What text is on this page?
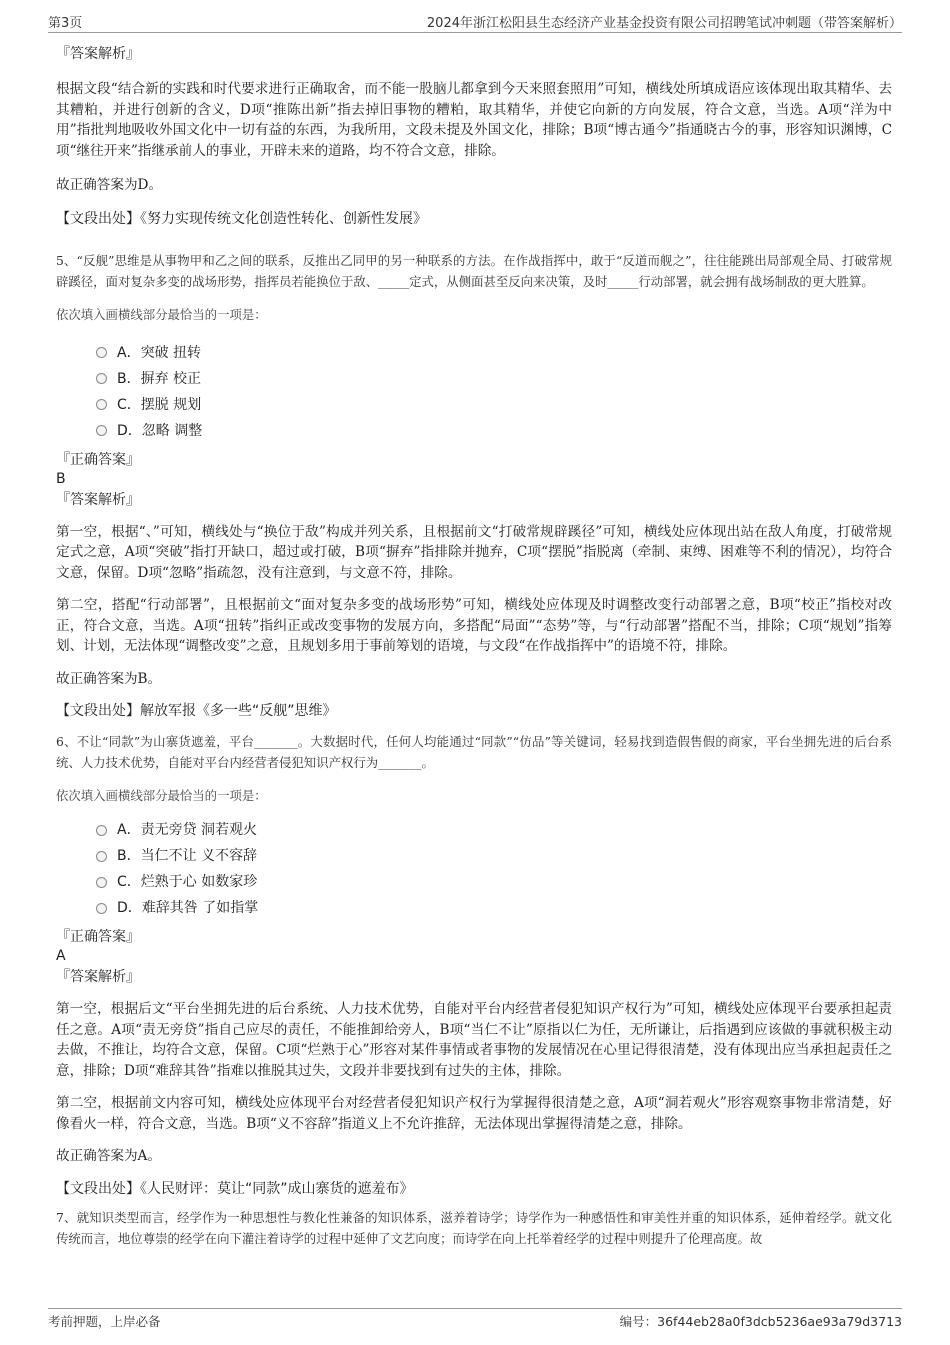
第3页	2024年浙江松阳县生态经济产业基金投资有限公司招聘笔试冲刺题（带答案解析）

『答案解析』

根据文段“结合新的实践和时代要求进行正确取舍，而不能一股脑儿都拿到今天来照套照用”可知，横线处所填成语应该体现出取其精华、去其糟粕，并进行创新的含义，D项“推陈出新”指去掉旧事物的糟粕，取其精华，并使它向新的方向发展，符合文意，当选。A项“洋为中用”指批判地吸收外国文化中一切有益的东西，为我所用，文段未提及外国文化，排除；B项“博古通今”指通晓古今的事，形容知识渊博，C项“继往开来”指继承前人的事业，开辟未来的道路，均不符合文意，排除。

故正确答案为D。

【文段出处】《努力实现传统文化创造性转化、创新性发展》

5、“反舰”思维是从事物甲和乙之间的联系，反推出乙同甲的另一种联系的方法。在作战指挥中，敢于“反道而舰之”，往往能跳出局部观全局、打破常规辟蹊径，面对复杂多变的战场形势，指挥员若能换位于敌、_____定式，从侧面甚至反向来决策，及时_____行动部署，就会拥有战场制敌的更大胜算。

依次填入画横线部分最恰当的一项是：

A．突破 扭转
B．摒弃 校正
C．摆脱 规划
D．忽略 调整

『正确答案』

B

『答案解析』

第一空，根据“、”可知，横线处与“换位于敌”构成并列关系，且根据前文“打破常规辟蹊径”可知，横线处应体现出站在敌人角度，打破常规定式之意，A项“突破”指打开缺口，超过或打破，B项“摒弃”指排除并抛弃，C项“摆脱”指脱离（牵制、束缚、困难等不利的情况），均符合文意，保留。D项“忽略”指疏忽，没有注意到，与文意不符，排除。

第二空，搭配“行动部署”，且根据前文“面对复杂多变的战场形势”可知，横线处应体现及时调整改变行动部署之意，B项“校正”指校对改正，符合文意，当选。A项“扭转”指纠正或改变事物的发展方向，多搭配“局面”“态势”等，与“行动部署”搭配不当，排除；C项“规划”指筹划、计划，无法体现“调整改变”之意，且规划多用于事前筹划的语境，与文段“在作战指挥中”的语境不符，排除。

故正确答案为B。

【文段出处】解放军报《多一些“反舰”思维》

6、不让“同款”为山寨货遮羞，平台_______。大数据时代，任何人均能通过“同款”“仿品”等关键词，轻易找到造假售假的商家，平台坐拥先进的后台系统、人力技术优势，自能对平台内经营者侵犯知识产权行为_______。

依次填入画横线部分最恰当的一项是：

A．责无旁贷 洞若观火
B．当仁不让 义不容辞
C．烂熟于心 如数家珍
D．难辞其咎 了如指掌

『正确答案』

A

『答案解析』

第一空，根据后文“平台坐拥先进的后台系统、人力技术优势，自能对平台内经营者侵犯知识产权行为”可知，横线处应体现平台要承担起责任之意。A项“责无旁贷”指自己应尽的责任，不能推卸给旁人，B项“当仁不让”原指以仁为任，无所谦让，后指遇到应该做的事就积极主动去做，不推让，均符合文意，保留。C项“烂熟于心”形容对某件事情或者事物的发展情况在心里记得很清楚，没有体现出应当承担起责任之意，排除；D项“难辞其咎”指难以推脱其过失，文段并非要找到有过失的主体，排除。

第二空，根据前文内容可知，横线处应体现平台对经营者侵犯知识产权行为掌握得很清楚之意，A项“洞若观火”形容观察事物非常清楚，好像看火一样，符合文意，当选。B项“义不容辞”指道义上不允许推辞，无法体现出掌握得清楚之意，排除。

故正确答案为A。

【文段出处】《人民财评：莫让“同款”成山寨货的遮羞布》

7、就知识类型而言，经学作为一种思想性与教化性兼备的知识体系，滋养着诗学；诗学作为一种感悟性和审美性并重的知识体系，延伸着经学。就文化传统而言，地位尊崇的经学在向下灌注着诗学的过程中延伸了文艺向度；而诗学在向上托举着经学的过程中则提升了伦理高度。故

考前押题，上岸必备	编号：36f44eb28a0f3dcb5236ae93a79d3713
